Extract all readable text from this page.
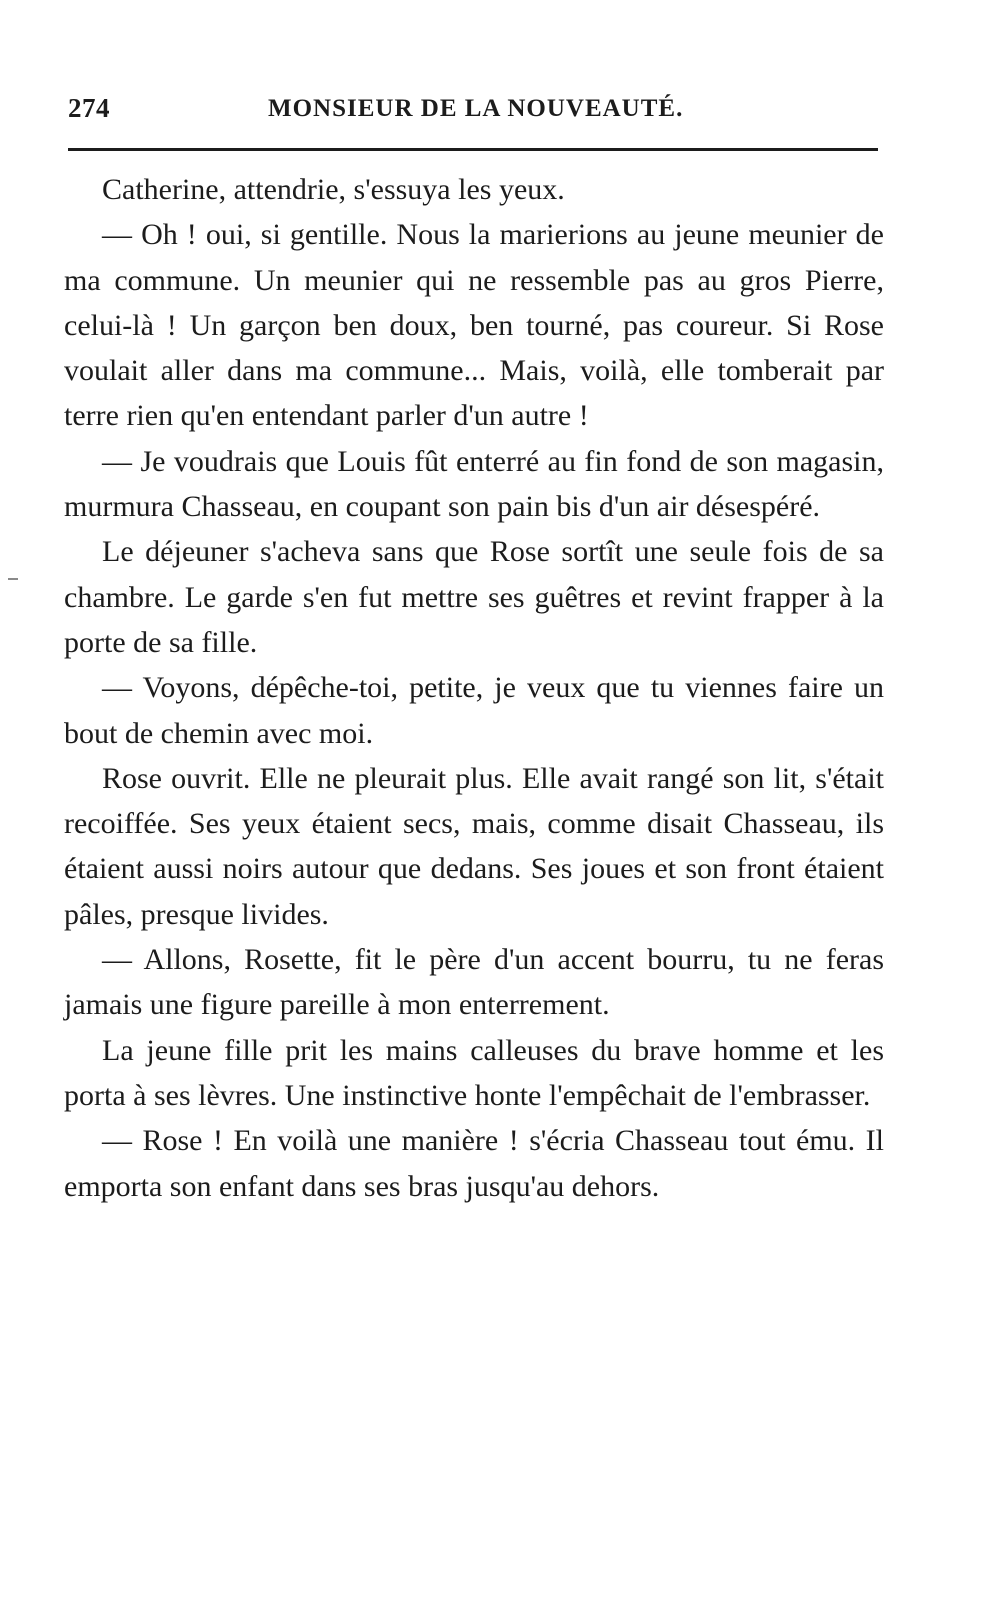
274	MONSIEUR DE LA NOUVEAUTÉ.

Catherine, attendrie, s'essuya les yeux.

— Oh ! oui, si gentille. Nous la marierions au jeune meunier de ma commune. Un meunier qui ne ressemble pas au gros Pierre, celui-là ! Un garçon ben doux, ben tourné, pas coureur. Si Rose voulait aller dans ma commune... Mais, voilà, elle tomberait par terre rien qu'en entendant parler d'un autre !

— Je voudrais que Louis fût enterré au fin fond de son magasin, murmura Chasseau, en coupant son pain bis d'un air désespéré.

Le déjeuner s'acheva sans que Rose sortît une seule fois de sa chambre. Le garde s'en fut mettre ses guêtres et revint frapper à la porte de sa fille.

— Voyons, dépêche-toi, petite, je veux que tu viennes faire un bout de chemin avec moi.

Rose ouvrit. Elle ne pleurait plus. Elle avait rangé son lit, s'était recoiffée. Ses yeux étaient secs, mais, comme disait Chasseau, ils étaient aussi noirs autour que dedans. Ses joues et son front étaient pâles, presque livides.

— Allons, Rosette, fit le père d'un accent bourru, tu ne feras jamais une figure pareille à mon enterrement.

La jeune fille prit les mains calleuses du brave homme et les porta à ses lèvres. Une instinctive honte l'empêchait de l'embrasser.

— Rose ! En voilà une manière ! s'écria Chasseau tout ému. Il emporta son enfant dans ses bras jusqu'au dehors.
